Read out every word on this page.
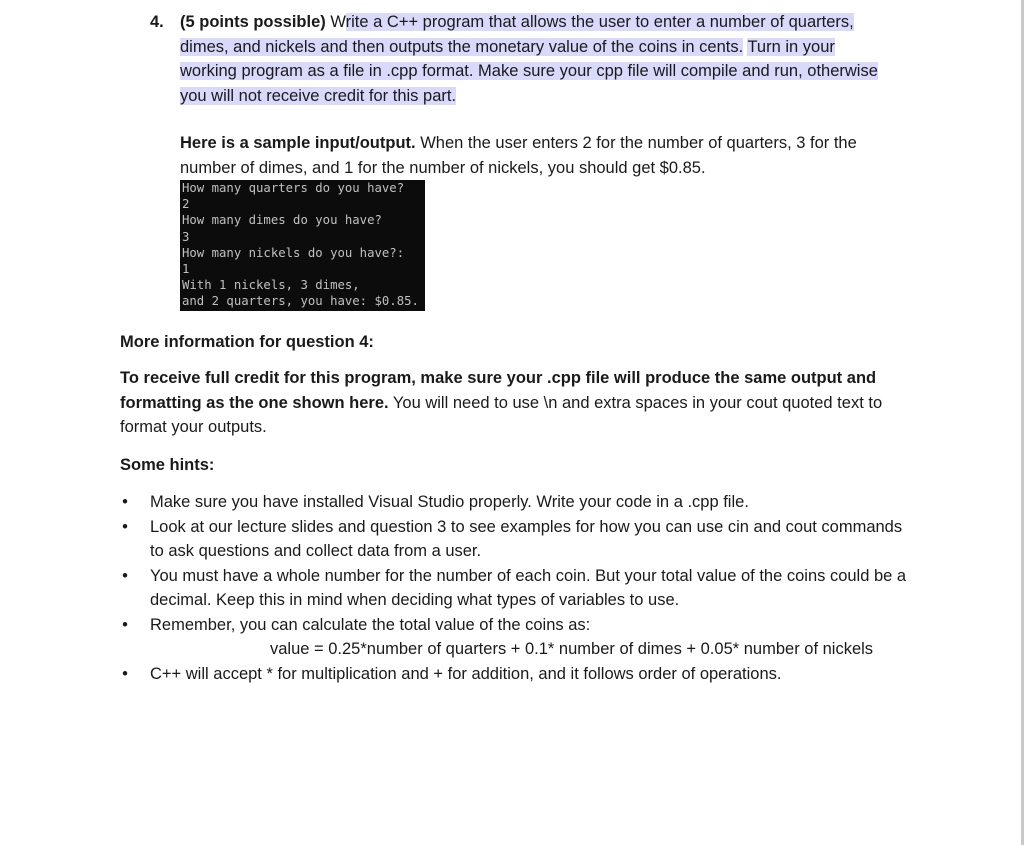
4. (5 points possible) Write a C++ program that allows the user to enter a number of quarters, dimes, and nickels and then outputs the monetary value of the coins in cents. Turn in your working program as a file in .cpp format. Make sure your cpp file will compile and run, otherwise you will not receive credit for this part.
Here is a sample input/output. When the user enters 2 for the number of quarters, 3 for the number of dimes, and 1 for the number of nickels, you should get $0.85.
How many quarters do you have?
2
How many dimes do you have?
3
How many nickels do you have?:
1
With 1 nickels, 3 dimes,
and 2 quarters, you have: $0.85.
More information for question 4:
To receive full credit for this program, make sure your .cpp file will produce the same output and formatting as the one shown here. You will need to use \n and extra spaces in your cout quoted text to format your outputs.
Some hints:
• Make sure you have installed Visual Studio properly. Write your code in a .cpp file.
• Look at our lecture slides and question 3 to see examples for how you can use cin and cout commands to ask questions and collect data from a user.
• You must have a whole number for the number of each coin. But your total value of the coins could be a decimal. Keep this in mind when deciding what types of variables to use.
• Remember, you can calculate the total value of the coins as:
value = 0.25*number of quarters + 0.1* number of dimes + 0.05* number of nickels
• C++ will accept * for multiplication and + for addition, and it follows order of operations.
